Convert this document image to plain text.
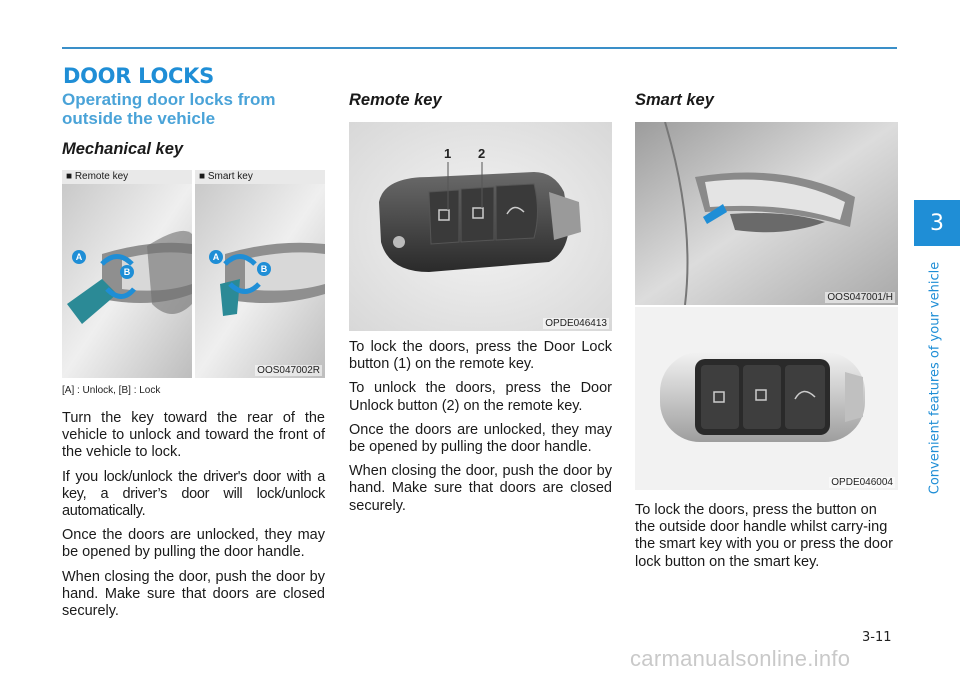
DOOR LOCKS
Operating door locks from outside the vehicle
Mechanical key
■ Remote key
A
B
■ Smart key
A
B
OOS047002R
[A] : Unlock, [B] : Lock

Turn the key toward the rear of the vehicle to unlock and toward the front of the vehicle to lock.

If you lock/unlock the driver's door with a key, a driver’s door will lock/unlock automatically.

Once the doors are unlocked, they may be opened by pulling the door handle.

When closing the door, push the door by hand. Make sure that doors are closed securely.

Remote key
1 2
OPDE046413

To lock the doors, press the Door Lock button (1) on the remote key.

To unlock the doors, press the Door Unlock button (2) on the remote key.

Once the doors are unlocked, they may be opened by pulling the door handle.

When closing the door, push the door by hand. Make sure that doors are closed securely.

Smart key
OOS047001/H
OPDE046004

To lock the doors, press the button on the outside door handle whilst carry-ing the smart key with you or press the door lock button on the smart key.

3
Convenient features of your vehicle
3-11
carmanualsonline.info
